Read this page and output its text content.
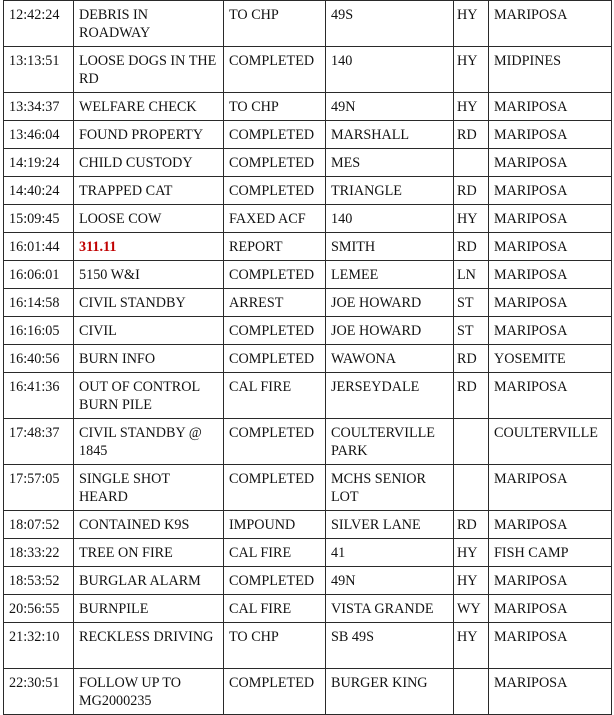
12:42:24	DEBRIS IN ROADWAY	TO CHP	49S	HY	MARIPOSA
13:13:51	LOOSE DOGS IN THE RD	COMPLETED	140	HY	MIDPINES
13:34:37	WELFARE CHECK	TO CHP	49N	HY	MARIPOSA
13:46:04	FOUND PROPERTY	COMPLETED	MARSHALL	RD	MARIPOSA
14:19:24	CHILD CUSTODY	COMPLETED	MES		MARIPOSA
14:40:24	TRAPPED CAT	COMPLETED	TRIANGLE	RD	MARIPOSA
15:09:45	LOOSE COW	FAXED ACF	140	HY	MARIPOSA
16:01:44	311.11	REPORT	SMITH	RD	MARIPOSA
16:06:01	5150 W&I	COMPLETED	LEMEE	LN	MARIPOSA
16:14:58	CIVIL STANDBY	ARREST	JOE HOWARD	ST	MARIPOSA
16:16:05	CIVIL	COMPLETED	JOE HOWARD	ST	MARIPOSA
16:40:56	BURN INFO	COMPLETED	WAWONA	RD	YOSEMITE
16:41:36	OUT OF CONTROL BURN PILE	CAL FIRE	JERSEYDALE	RD	MARIPOSA
17:48:37	CIVIL STANDBY @ 1845	COMPLETED	COULTERVILLE PARK		COULTERVILLE
17:57:05	SINGLE SHOT HEARD	COMPLETED	MCHS SENIOR LOT		MARIPOSA
18:07:52	CONTAINED K9S	IMPOUND	SILVER LANE	RD	MARIPOSA
18:33:22	TREE ON FIRE	CAL FIRE	41	HY	FISH CAMP
18:53:52	BURGLAR ALARM	COMPLETED	49N	HY	MARIPOSA
20:56:55	BURNPILE	CAL FIRE	VISTA GRANDE	WY	MARIPOSA
21:32:10	RECKLESS DRIVING	TO CHP	SB 49S	HY	MARIPOSA
22:30:51	FOLLOW UP TO MG2000235	COMPLETED	BURGER KING		MARIPOSA
